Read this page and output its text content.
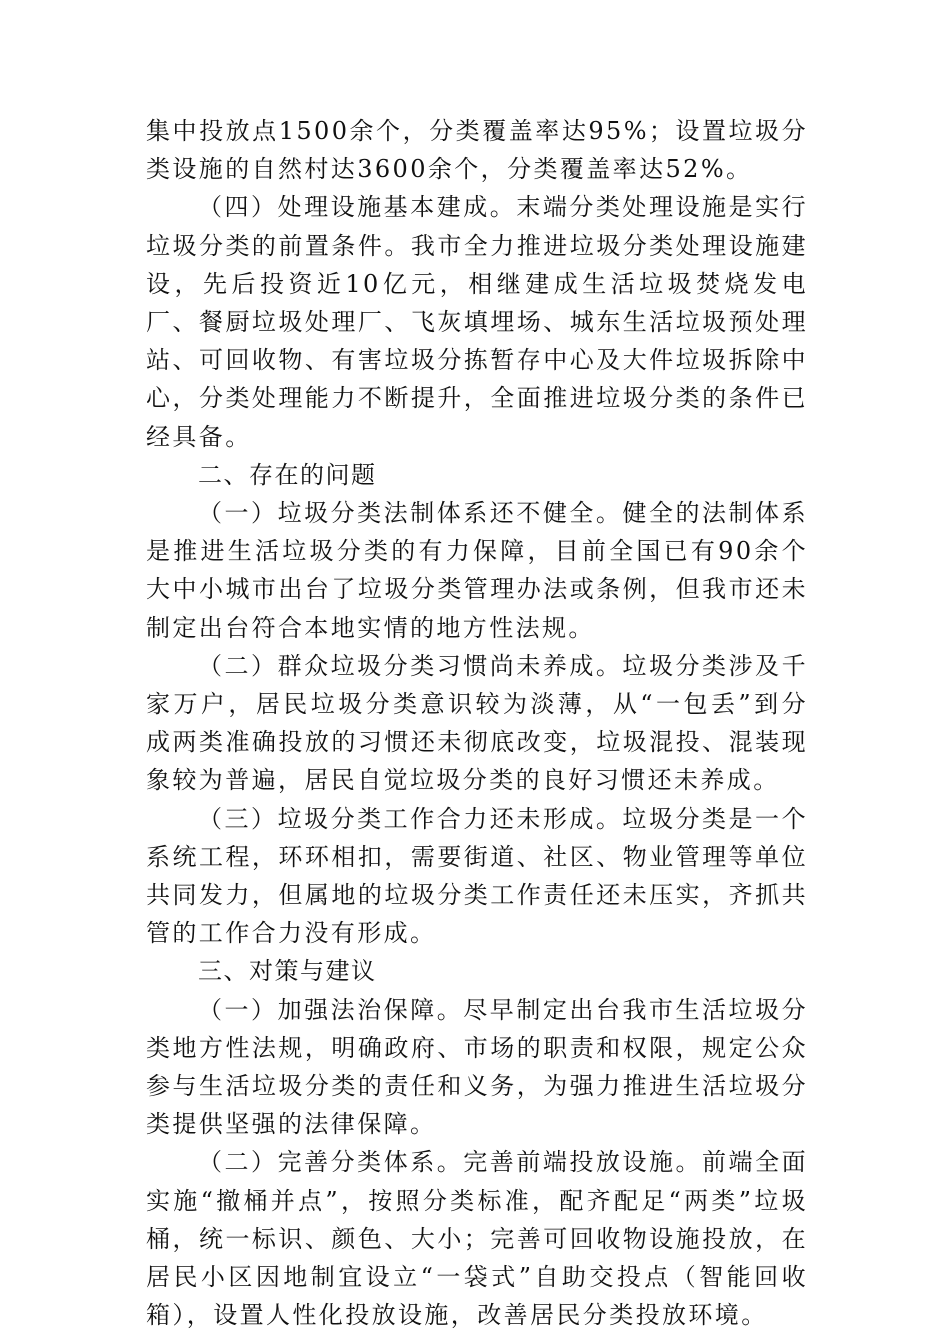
集中投放点1500余个，分类覆盖率达95%；设置垃圾分类设施的自然村达3600余个，分类覆盖率达52%。

（四）处理设施基本建成。末端分类处理设施是实行垃圾分类的前置条件。我市全力推进垃圾分类处理设施建设，先后投资近10亿元，相继建成生活垃圾焚烧发电厂、餐厨垃圾处理厂、飞灰填埋场、城东生活垃圾预处理站、可回收物、有害垃圾分拣暂存中心及大件垃圾拆除中心，分类处理能力不断提升，全面推进垃圾分类的条件已经具备。

二、存在的问题

（一）垃圾分类法制体系还不健全。健全的法制体系是推进生活垃圾分类的有力保障，目前全国已有90余个大中小城市出台了垃圾分类管理办法或条例，但我市还未制定出台符合本地实情的地方性法规。

（二）群众垃圾分类习惯尚未养成。垃圾分类涉及千家万户，居民垃圾分类意识较为淡薄，从“一包丢”到分成两类准确投放的习惯还未彻底改变，垃圾混投、混装现象较为普遍，居民自觉垃圾分类的良好习惯还未养成。

（三）垃圾分类工作合力还未形成。垃圾分类是一个系统工程，环环相扣，需要街道、社区、物业管理等单位共同发力，但属地的垃圾分类工作责任还未压实，齐抓共管的工作合力没有形成。

三、对策与建议

（一）加强法治保障。尽早制定出台我市生活垃圾分类地方性法规，明确政府、市场的职责和权限，规定公众参与生活垃圾分类的责任和义务，为强力推进生活垃圾分类提供坚强的法律保障。

（二）完善分类体系。完善前端投放设施。前端全面实施“撤桶并点”，按照分类标准，配齐配足“两类”垃圾桶，统一标识、颜色、大小；完善可回收物设施投放，在居民小区因地制宜设立“一袋式”自助交投点（智能回收箱），设置人性化投放设施，改善居民分类投放环境。
